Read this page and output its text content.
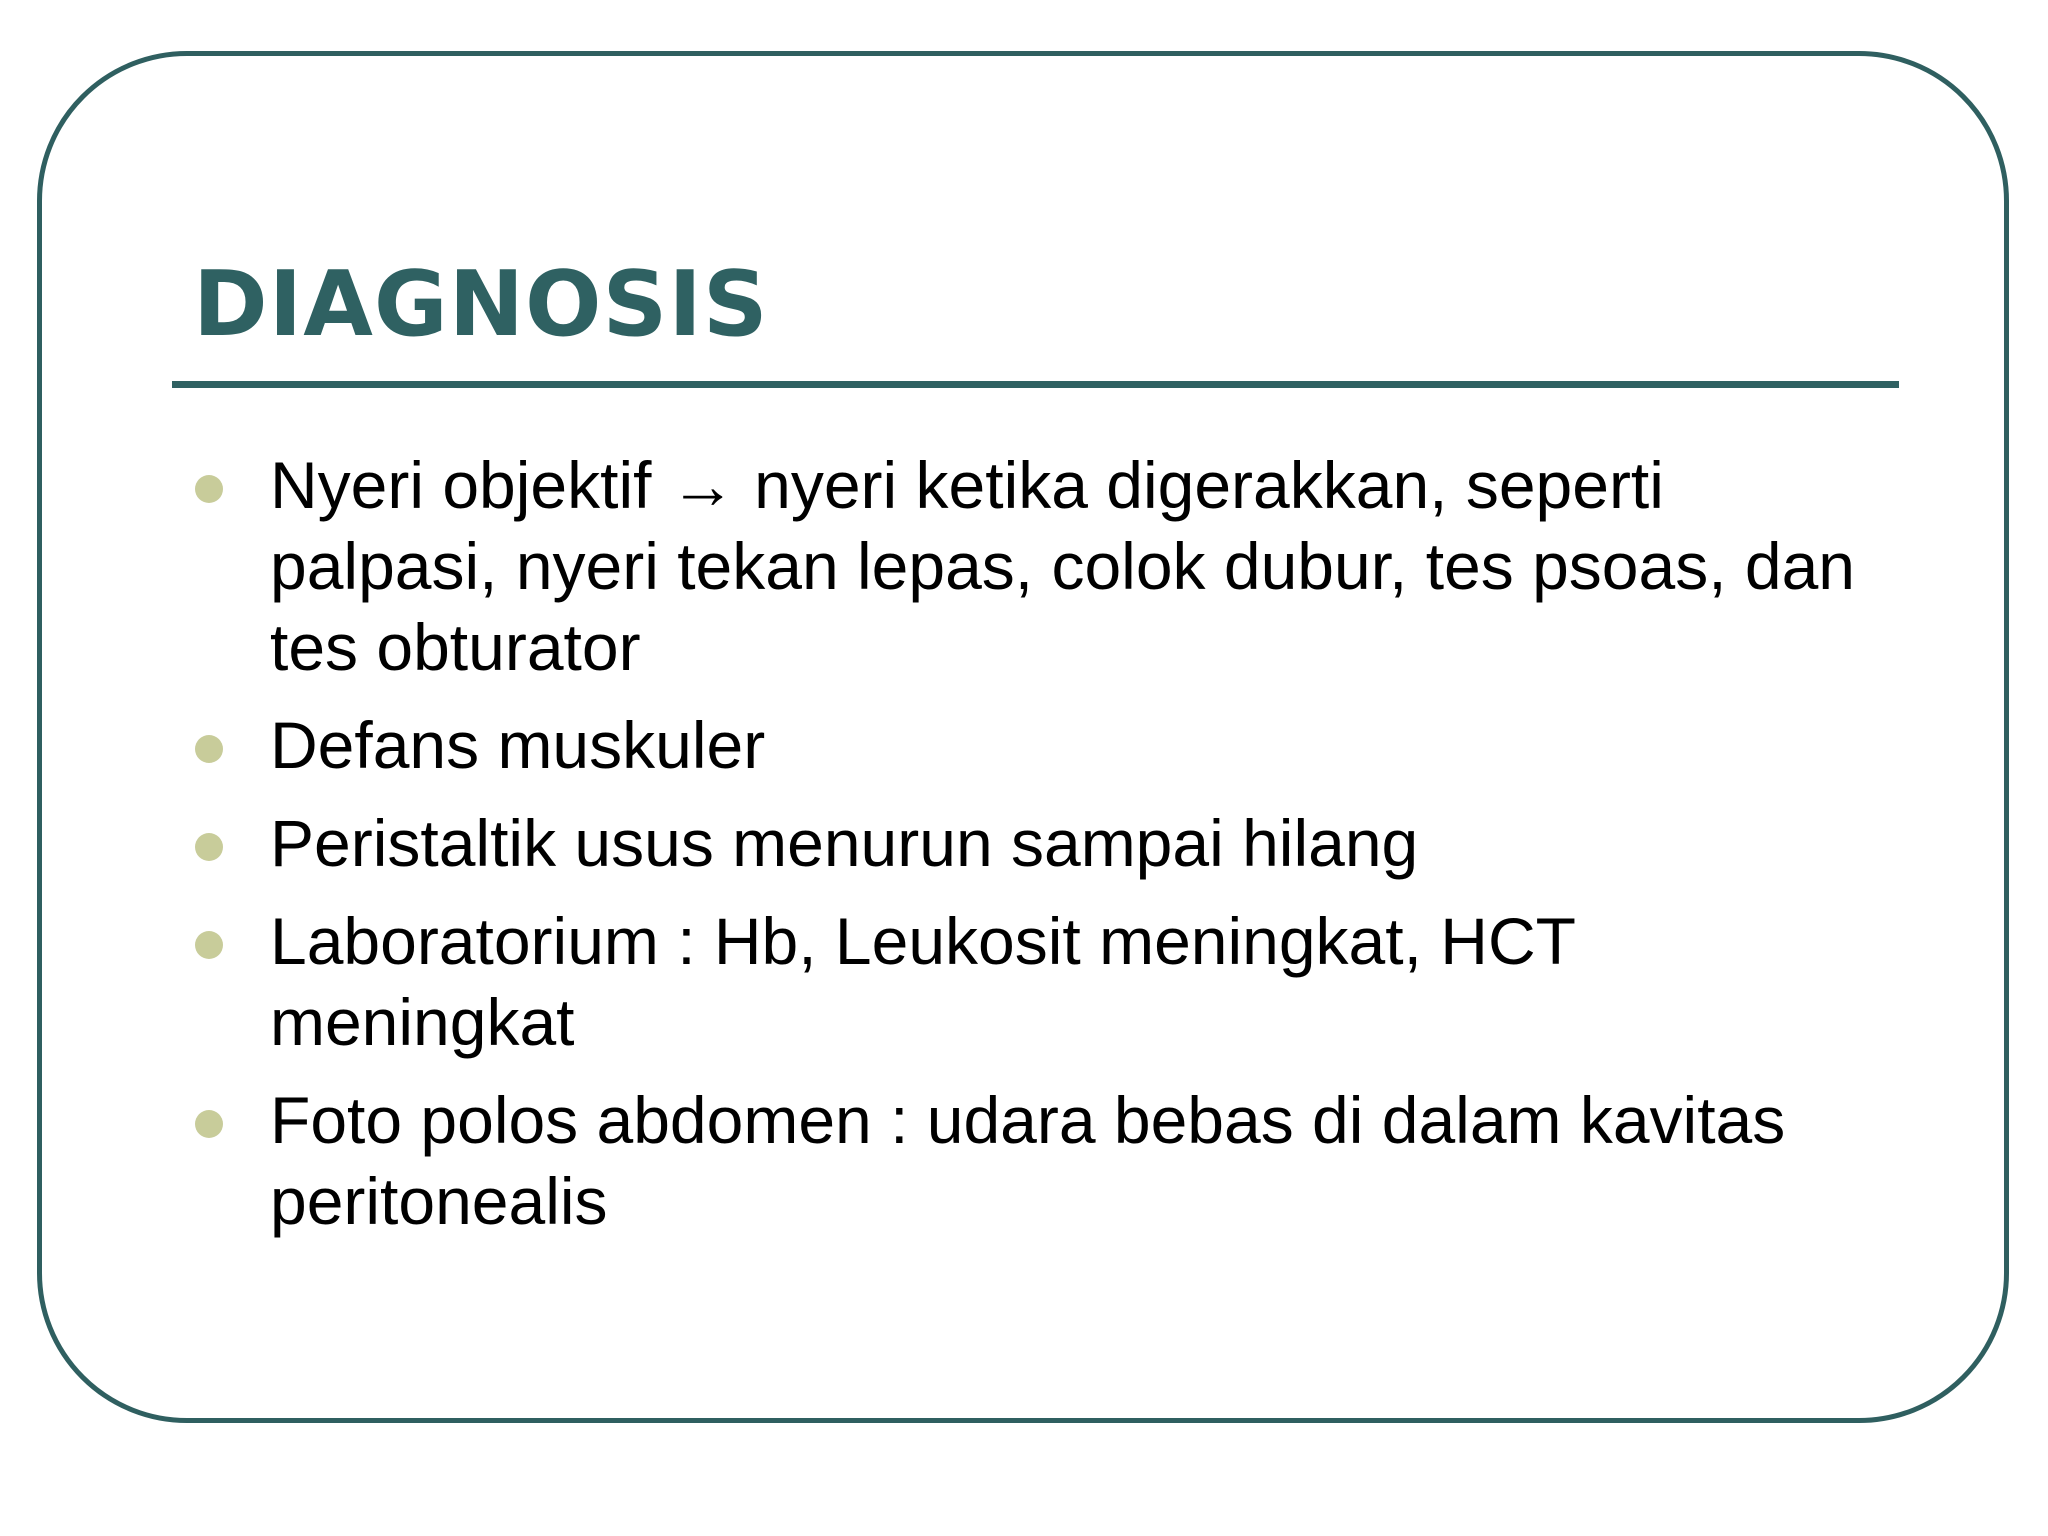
DIAGNOSIS
Nyeri objektif → nyeri ketika digerakkan, seperti palpasi, nyeri tekan lepas, colok dubur, tes psoas, dan tes obturator
Defans muskuler
Peristaltik usus menurun sampai hilang
Laboratorium : Hb, Leukosit meningkat, HCT meningkat
Foto polos abdomen : udara bebas di dalam kavitas peritonealis
